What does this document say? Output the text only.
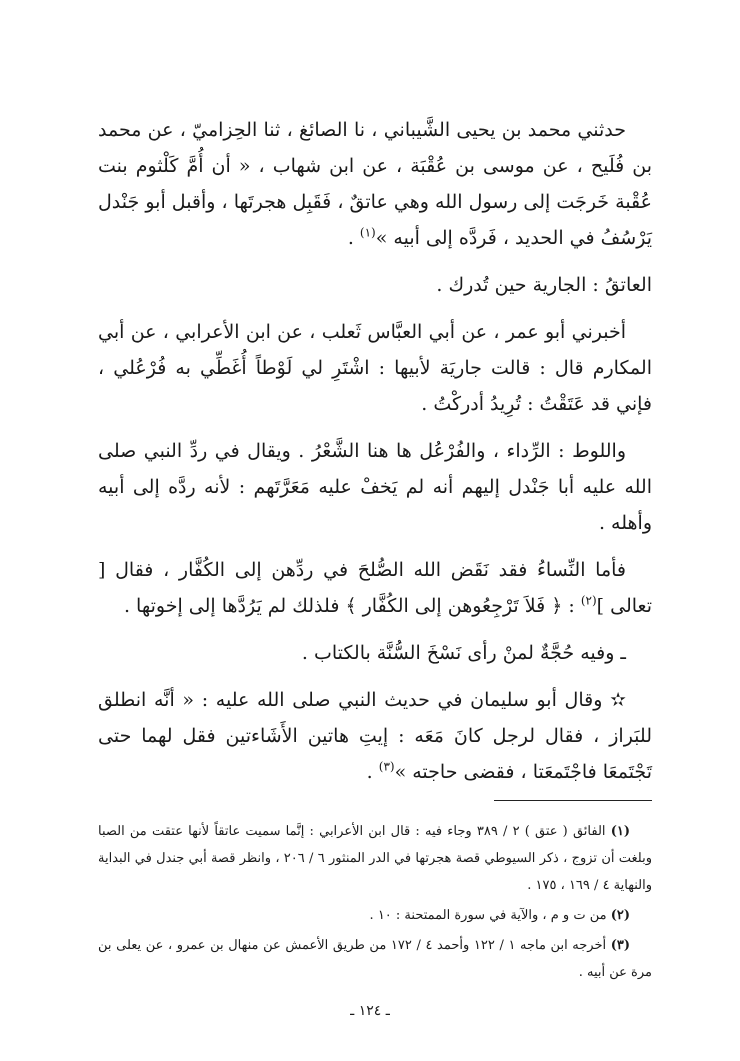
حدثني محمد بن يحيى الشَّيباني ، نا الصائغ ، ثنا الحِزاميّ ، عن محمد بن فُلَيح ، عن موسى بن عُقْبَة ، عن ابن شهاب ، « أن أُمَّ كَلْثوم بنت عُقْبة خَرجَت إلى رسول الله وهي عاتقٌ ، فَقَبِل هجرتَها ، وأقبل أبو جَنْدل يَرْسُفُ في الحديد ، فَردَّه إلى أبيه »$^{(١)}$ .

العاتقُ : الجارية حين تُدرك .

أخبرني أبو عمر ، عن أبي العبَّاس ثَعلب ، عن ابن الأعرابي ، عن أبي المكارم قال : قالت جاريَة لأبيها : اشْتَرِ لي لَوْطاً أُغَطِّي به فُرْعُلي ، فإني قد عَتَقْتُ : تُرِيدُ أدركْتُ .

واللوط : الرِّداء ، والفُرْعُل ها هنا الشَّعْرُ . ويقال في ردِّ النبي صلى الله عليه أبا جَنْدل إليهم أنه لم يَخفْ عليه مَعَرَّتَهم : لأنه ردَّه إلى أبيه وأهله .

فأما النِّساءُ فقد نَقَض الله الصُّلحَ في ردِّهن إلى الكُفَّار ، فقال [ تعالى ]$^{(٢)}$ : ﴿ فَلاَ تَرْجِعُوهن إلى الكُفَّار ﴾ فلذلك لم يَرُدَّها إلى إخوتها .

ـ وفيه حُجَّةٌ لمنْ رأى نَسْخَ السُّنَّة بالكتاب .

✫ وقال أبو سليمان في حديث النبي صلى الله عليه : « أنَّه انطلق للبَراز ، فقال لرجل كانَ مَعَه : إيتِ هاتين الأَشَاءتين فقل لهما حتى تَجْتَمعَا فاجْتَمعَتا ، فقضى حاجته »$^{(٣)}$ .

(١) الفائق ( عتق ) ٢ / ٣٨٩ وجاء فيه : قال ابن الأعرابي : إنَّما سميت عاتقاً لأنها عتقت من الصبا وبلغت أن تزوج ، ذكر السيوطي قصة هجرتها في الدر المنثور ٦ / ٢٠٦ ، وانظر قصة أبي جندل في البداية والنهاية ٤ / ١٦٩ ، ١٧٥ .

(٢) من ت و م ، والآية في سورة الممتحنة : ١٠ .

(٣) أخرجه ابن ماجه ١ / ١٢٢ وأحمد ٤ / ١٧٢ من طريق الأعمش عن منهال بن عمرو ، عن يعلى بن مرة عن أبيه .

ـ ١٢٤ ـ
